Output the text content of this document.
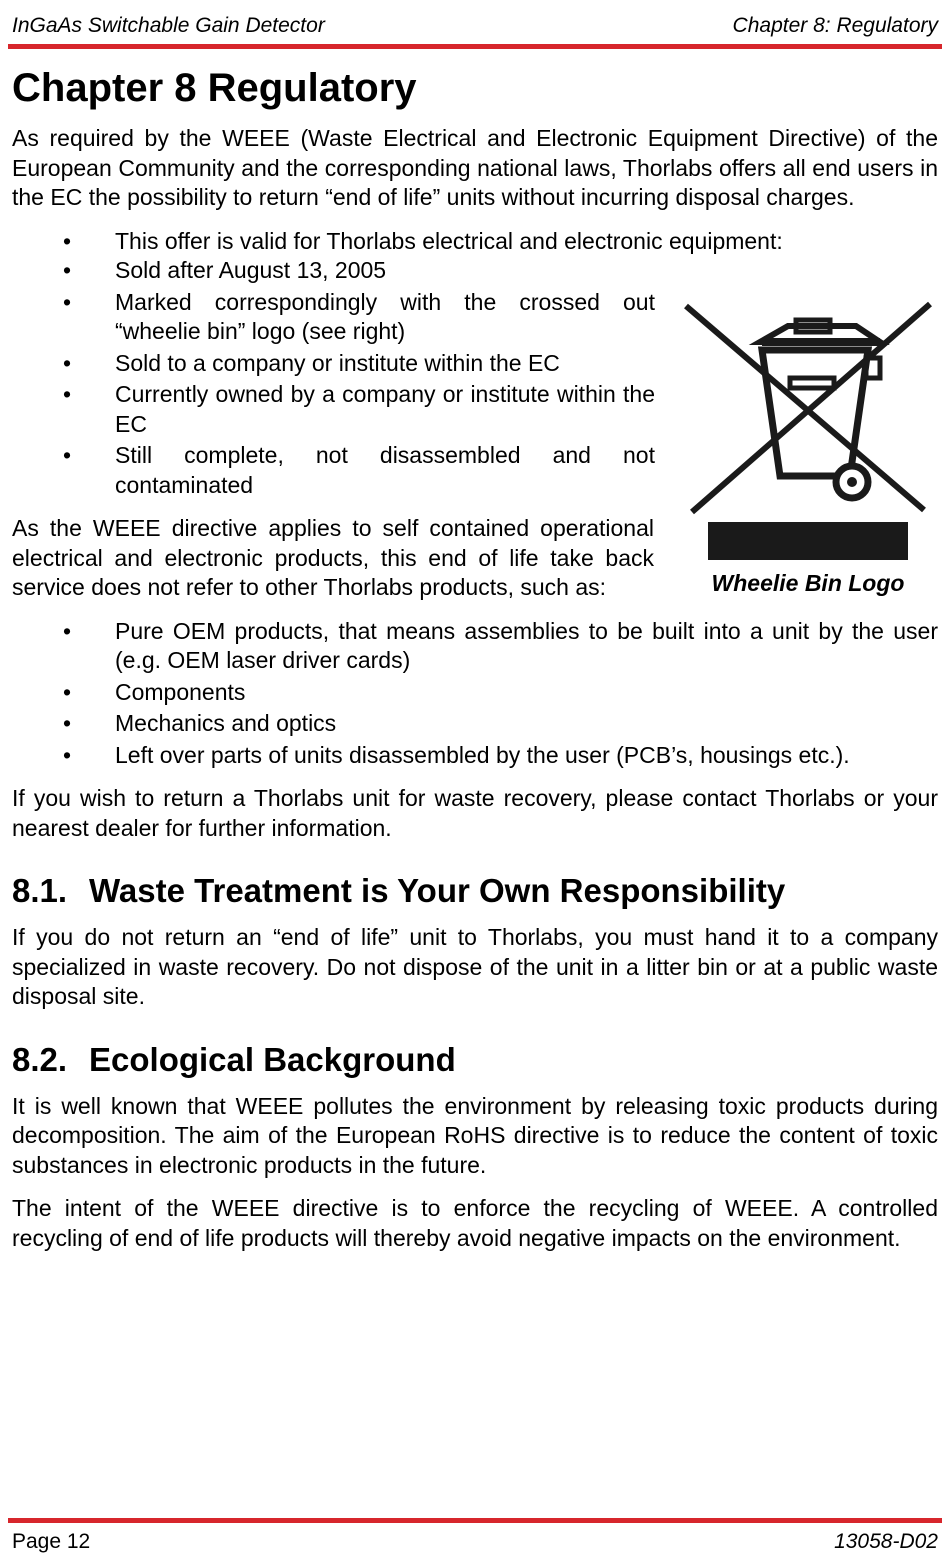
InGaAs Switchable Gain Detector	Chapter 8: Regulatory
Chapter 8 Regulatory

As required by the WEEE (Waste Electrical and Electronic Equipment Directive) of the European Community and the corresponding national laws, Thorlabs offers all end users in the EC the possibility to return “end of life” units without incurring disposal charges.

• This offer is valid for Thorlabs electrical and electronic equipment:
• Sold after August 13, 2005
• Marked correspondingly with the crossed out “wheelie bin” logo (see right)
• Sold to a company or institute within the EC
• Currently owned by a company or institute within the EC
• Still complete, not disassembled and not contaminated

As the WEEE directive applies to self contained operational electrical and electronic products, this end of life take back service does not refer to other Thorlabs products, such as:

• Pure OEM products, that means assemblies to be built into a unit by the user (e.g. OEM laser driver cards)
• Components
• Mechanics and optics
• Left over parts of units disassembled by the user (PCB’s, housings etc.).

If you wish to return a Thorlabs unit for waste recovery, please contact Thorlabs or your nearest dealer for further information.

8.1. Waste Treatment is Your Own Responsibility

If you do not return an “end of life” unit to Thorlabs, you must hand it to a company specialized in waste recovery. Do not dispose of the unit in a litter bin or at a public waste disposal site.

8.2. Ecological Background

It is well known that WEEE pollutes the environment by releasing toxic products during decomposition. The aim of the European RoHS directive is to reduce the content of toxic substances in electronic products in the future.

The intent of the WEEE directive is to enforce the recycling of WEEE. A controlled recycling of end of life products will thereby avoid negative impacts on the environment.

Wheelie Bin Logo
Page 12	13058-D02
